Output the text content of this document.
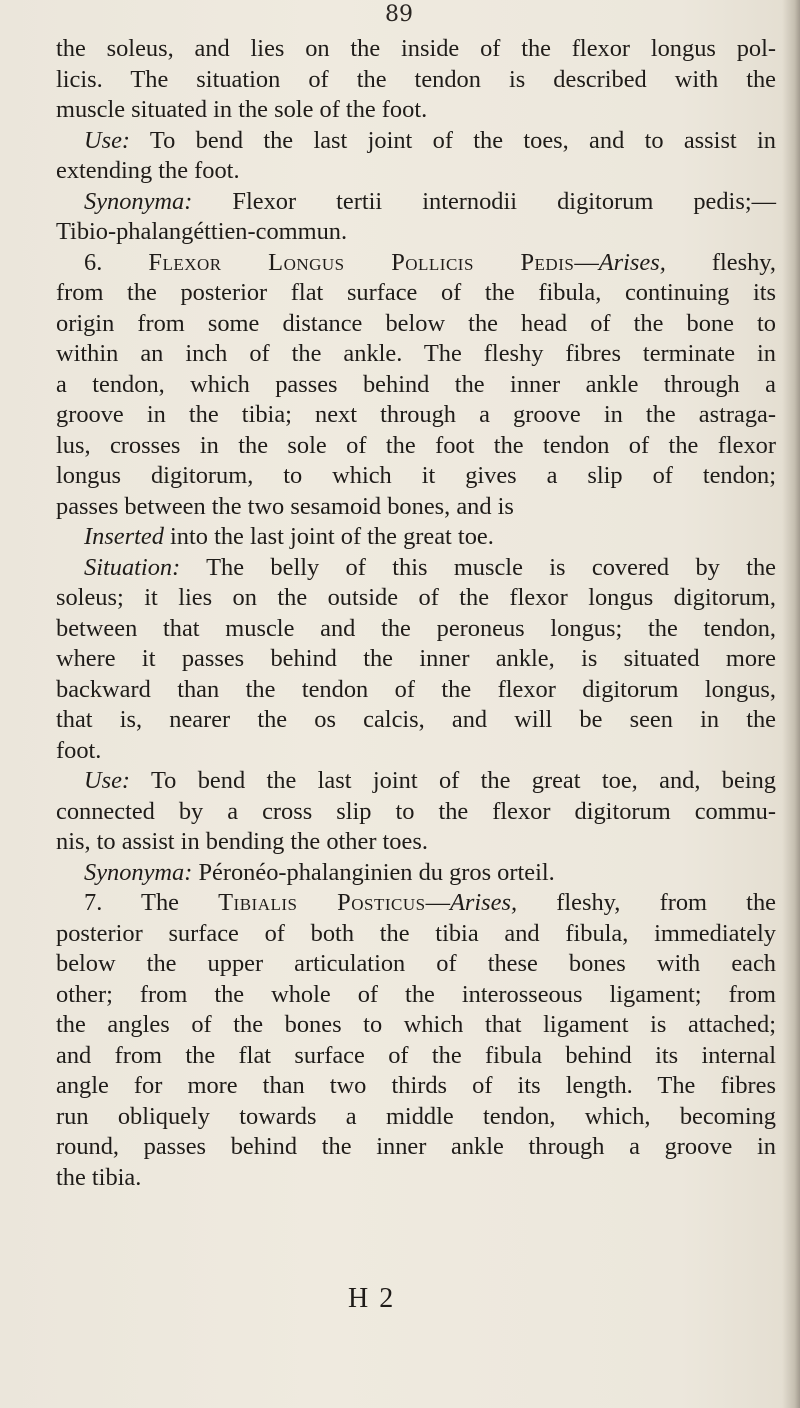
89
the soleus, and lies on the inside of the flexor longus pol-
licis. The situation of the tendon is described with the
muscle situated in the sole of the foot.
Use: To bend the last joint of the toes, and to assist in
extending the foot.
Synonyma: Flexor tertii internodii digitorum pedis;—
Tibio-phalangéttien-commun.
6. Flexor Longus Pollicis Pedis—Arises, fleshy,
from the posterior flat surface of the fibula, continuing its
origin from some distance below the head of the bone to
within an inch of the ankle. The fleshy fibres terminate in
a tendon, which passes behind the inner ankle through a
groove in the tibia; next through a groove in the astraga-
lus, crosses in the sole of the foot the tendon of the flexor
longus digitorum, to which it gives a slip of tendon;
passes between the two sesamoid bones, and is
Inserted into the last joint of the great toe.
Situation: The belly of this muscle is covered by the
soleus; it lies on the outside of the flexor longus digitorum,
between that muscle and the peroneus longus; the tendon,
where it passes behind the inner ankle, is situated more
backward than the tendon of the flexor digitorum longus,
that is, nearer the os calcis, and will be seen in the
foot.
Use: To bend the last joint of the great toe, and, being
connected by a cross slip to the flexor digitorum commu-
nis, to assist in bending the other toes.
Synonyma: Péronéo-phalanginien du gros orteil.
7. The Tibialis Posticus—Arises, fleshy, from the
posterior surface of both the tibia and fibula, immediately
below the upper articulation of these bones with each
other; from the whole of the interosseous ligament; from
the angles of the bones to which that ligament is attached;
and from the flat surface of the fibula behind its internal
angle for more than two thirds of its length. The fibres
run obliquely towards a middle tendon, which, becoming
round, passes behind the inner ankle through a groove in
the tibia.
H 2
